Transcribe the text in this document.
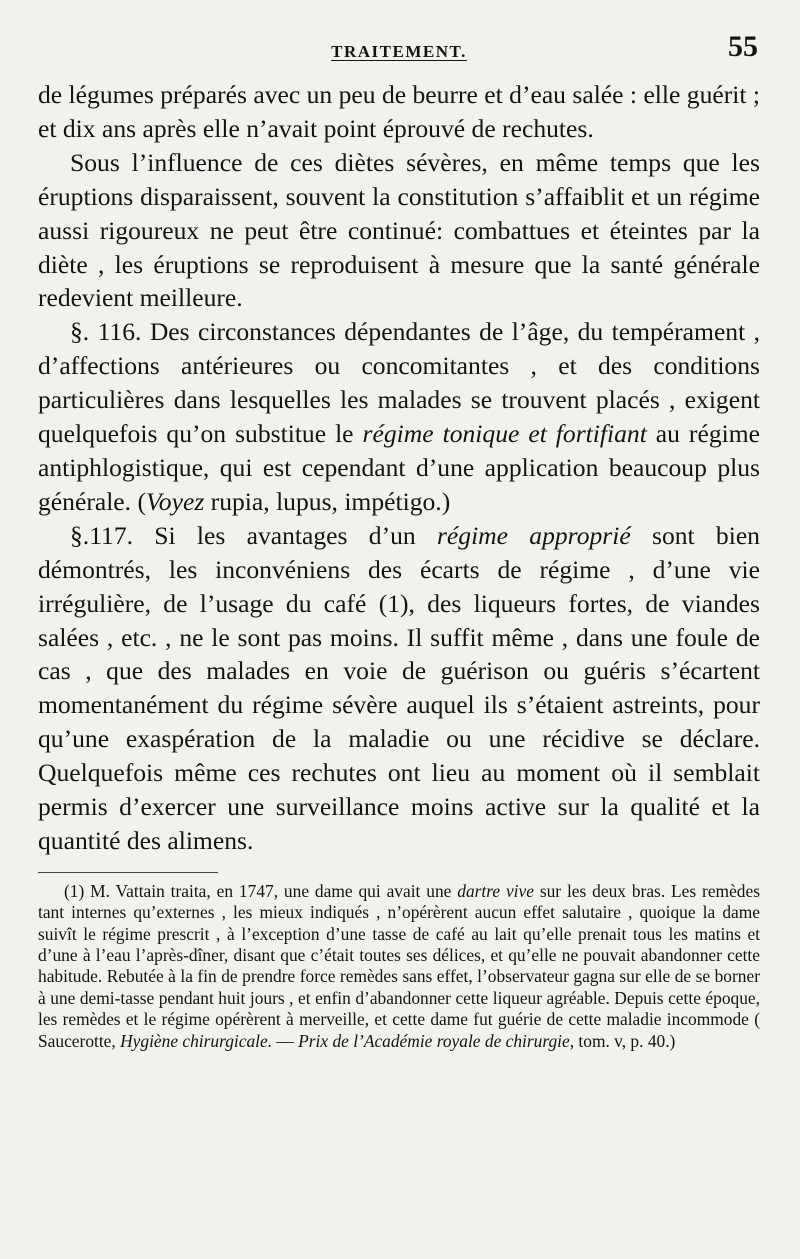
TRAITEMENT.	55

de légumes préparés avec un peu de beurre et d’eau salée : elle guérit ; et dix ans après elle n’avait point éprouvé de rechutes.

Sous l’influence de ces diètes sévères, en même temps que les éruptions disparaissent, souvent la constitution s’affaiblit et un régime aussi rigoureux ne peut être continué: combattues et éteintes par la diète , les éruptions se reproduisent à mesure que la santé générale redevient meilleure.

§. 116. Des circonstances dépendantes de l’âge, du tempérament , d’affections antérieures ou concomitantes , et des conditions particulières dans lesquelles les malades se trouvent placés , exigent quelquefois qu’on substitue le régime tonique et fortifiant au régime antiphlogistique, qui est cependant d’une application beaucoup plus générale. (Voyez rupia, lupus, impétigo.)

§.117. Si les avantages d’un régime approprié sont bien démontrés, les inconvéniens des écarts de régime , d’une vie irrégulière, de l’usage du café (1), des liqueurs fortes, de viandes salées , etc. , ne le sont pas moins. Il suffit même , dans une foule de cas , que des malades en voie de guérison ou guéris s’écartent momentanément du régime sévère auquel ils s’étaient astreints, pour qu’une exaspération de la maladie ou une récidive se déclare. Quelquefois même ces rechutes ont lieu au moment où il semblait permis d’exercer une surveillance moins active sur la qualité et la quantité des alimens.

(1) M. Vattain traita, en 1747, une dame qui avait une dartre vive sur les deux bras. Les remèdes tant internes qu’externes , les mieux indiqués , n’opérèrent aucun effet salutaire , quoique la dame suivît le régime prescrit , à l’exception d’une tasse de café au lait qu’elle prenait tous les matins et d’une à l’eau l’après-dîner, disant que c’était toutes ses délices, et qu’elle ne pouvait abandonner cette habitude. Rebutée à la fin de prendre force remèdes sans effet, l’observateur gagna sur elle de se borner à une demi-tasse pendant huit jours , et enfin d’abandonner cette liqueur agréable. Depuis cette époque, les remèdes et le régime opérèrent à merveille, et cette dame fut guérie de cette maladie incommode ( Saucerotte, Hygiène chirurgicale. — Prix de l’Académie royale de chirurgie, tom. v, p. 40.)
